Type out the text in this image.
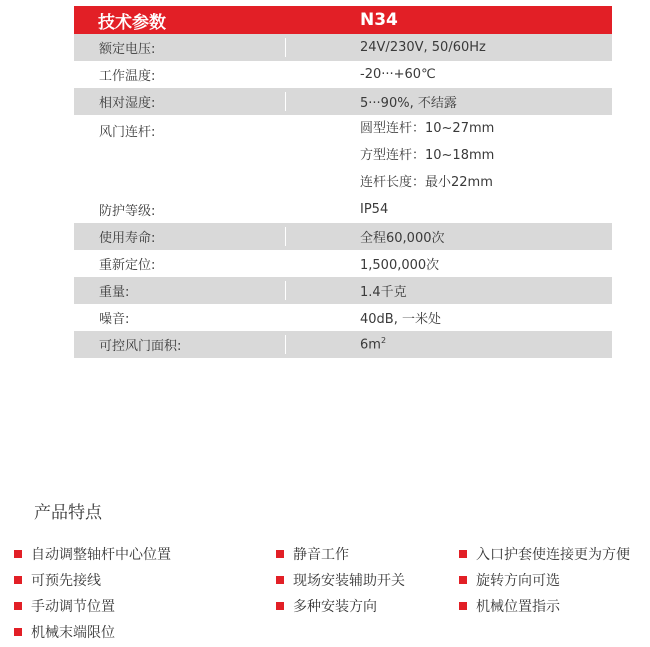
技术参数	N34
额定电压:	24V/230V, 50/60Hz
工作温度:	-20···+60℃
相对湿度:	5···90%, 不结露
风门连杆:	圆型连杆：10~27mm
方型连杆：10~18mm
连杆长度：最小22mm
防护等级:	IP54
使用寿命:	全程60,000次
重新定位:	1,500,000次
重量:	1.4千克
噪音:	40dB, 一米处
可控风门面积:	$6m^2$
产品特点
自动调整轴杆中心位置	静音工作	入口护套使连接更为方便
可预先接线	现场安装辅助开关	旋转方向可选
手动调节位置	多种安装方向	机械位置指示
机械末端限位
